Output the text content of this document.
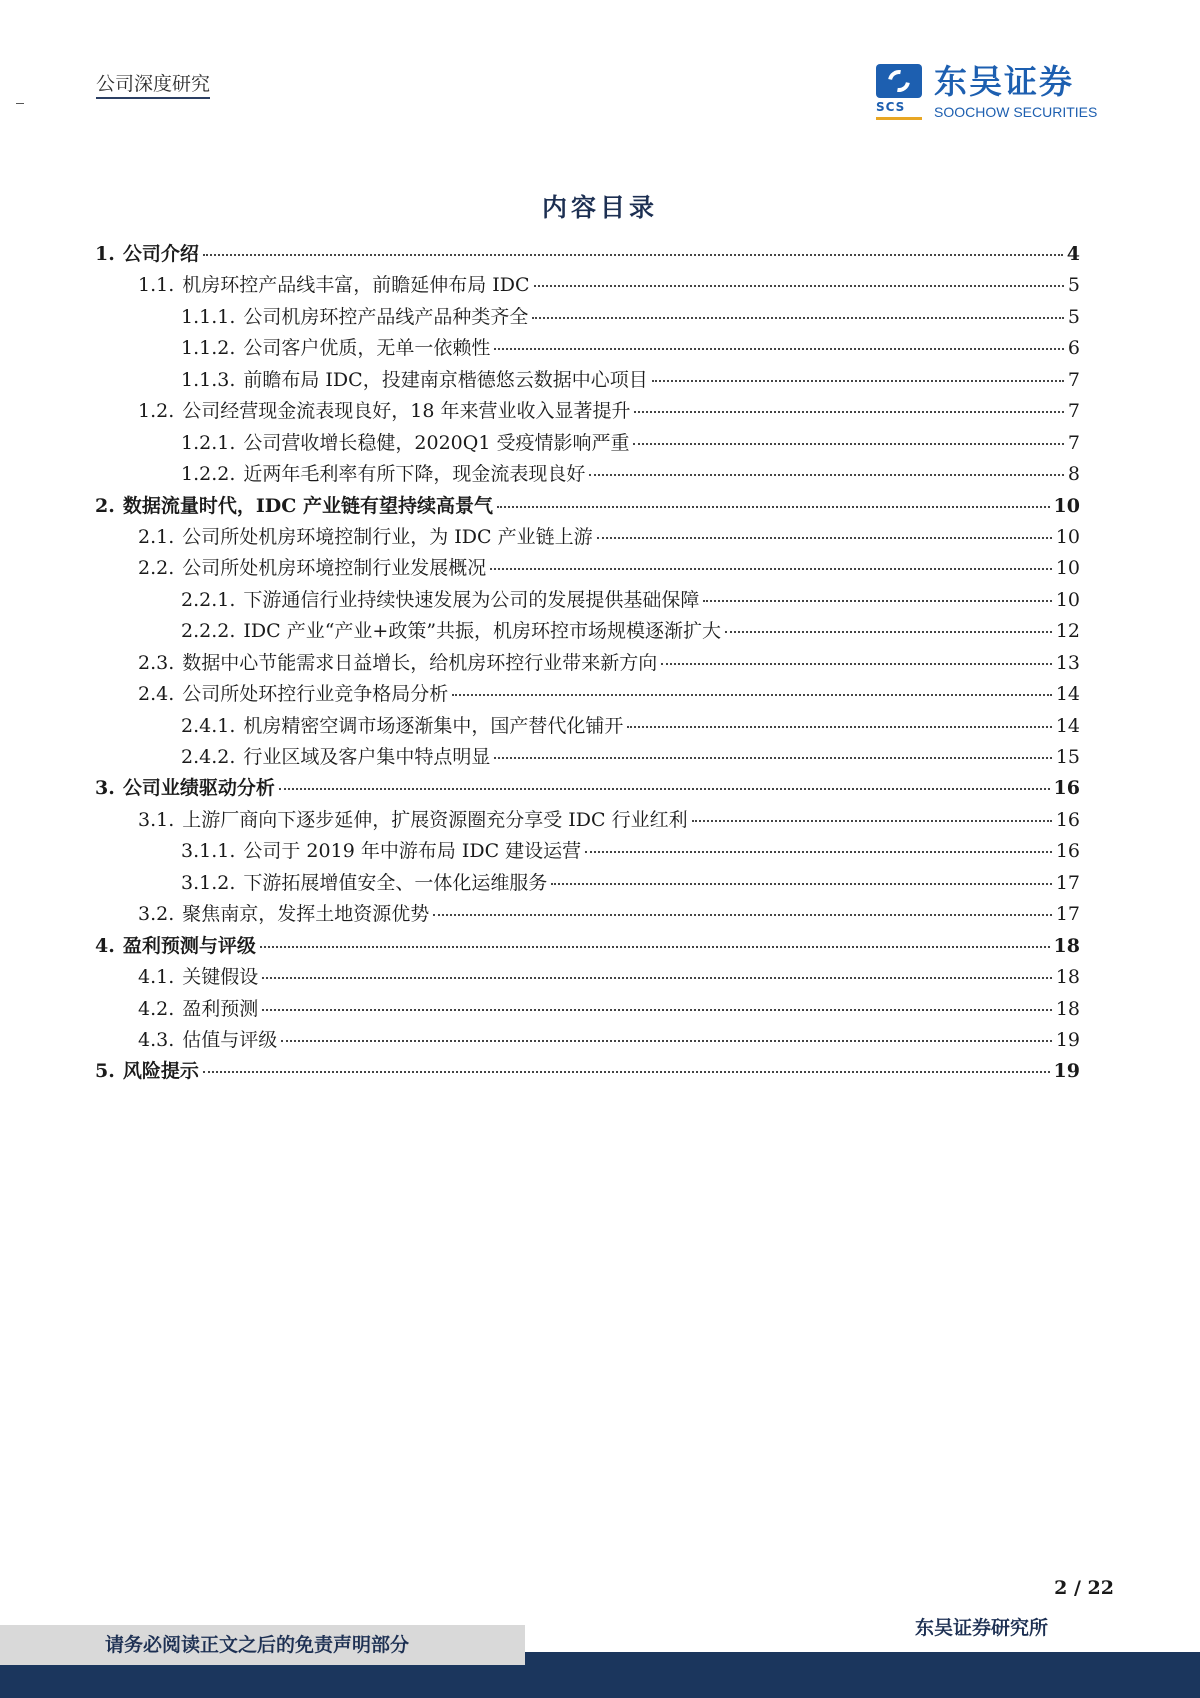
公司深度研究
SCS
东吴证券
SOOCHOW SECURITIES
内容目录
1. 公司介绍	4
1.1. 机房环控产品线丰富，前瞻延伸布局 IDC	5
1.1.1. 公司机房环控产品线产品种类齐全	5
1.1.2. 公司客户优质，无单一依赖性	6
1.1.3. 前瞻布局 IDC，投建南京楷德悠云数据中心项目	7
1.2. 公司经营现金流表现良好，18 年来营业收入显著提升	7
1.2.1. 公司营收增长稳健，2020Q1 受疫情影响严重	7
1.2.2. 近两年毛利率有所下降，现金流表现良好	8
2. 数据流量时代，IDC 产业链有望持续高景气	10
2.1. 公司所处机房环境控制行业，为 IDC 产业链上游	10
2.2. 公司所处机房环境控制行业发展概况	10
2.2.1. 下游通信行业持续快速发展为公司的发展提供基础保障	10
2.2.2. IDC 产业“产业+政策”共振，机房环控市场规模逐渐扩大	12
2.3. 数据中心节能需求日益增长，给机房环控行业带来新方向	13
2.4. 公司所处环控行业竞争格局分析	14
2.4.1. 机房精密空调市场逐渐集中，国产替代化铺开	14
2.4.2. 行业区域及客户集中特点明显	15
3. 公司业绩驱动分析	16
3.1. 上游厂商向下逐步延伸，扩展资源圈充分享受 IDC 行业红利	16
3.1.1. 公司于 2019 年中游布局 IDC 建设运营	16
3.1.2. 下游拓展增值安全、一体化运维服务	17
3.2. 聚焦南京，发挥土地资源优势	17
4. 盈利预测与评级	18
4.1. 关键假设	18
4.2. 盈利预测	18
4.3. 估值与评级	19
5. 风险提示	19
2 / 22
请务必阅读正文之后的免责声明部分
东吴证券研究所
